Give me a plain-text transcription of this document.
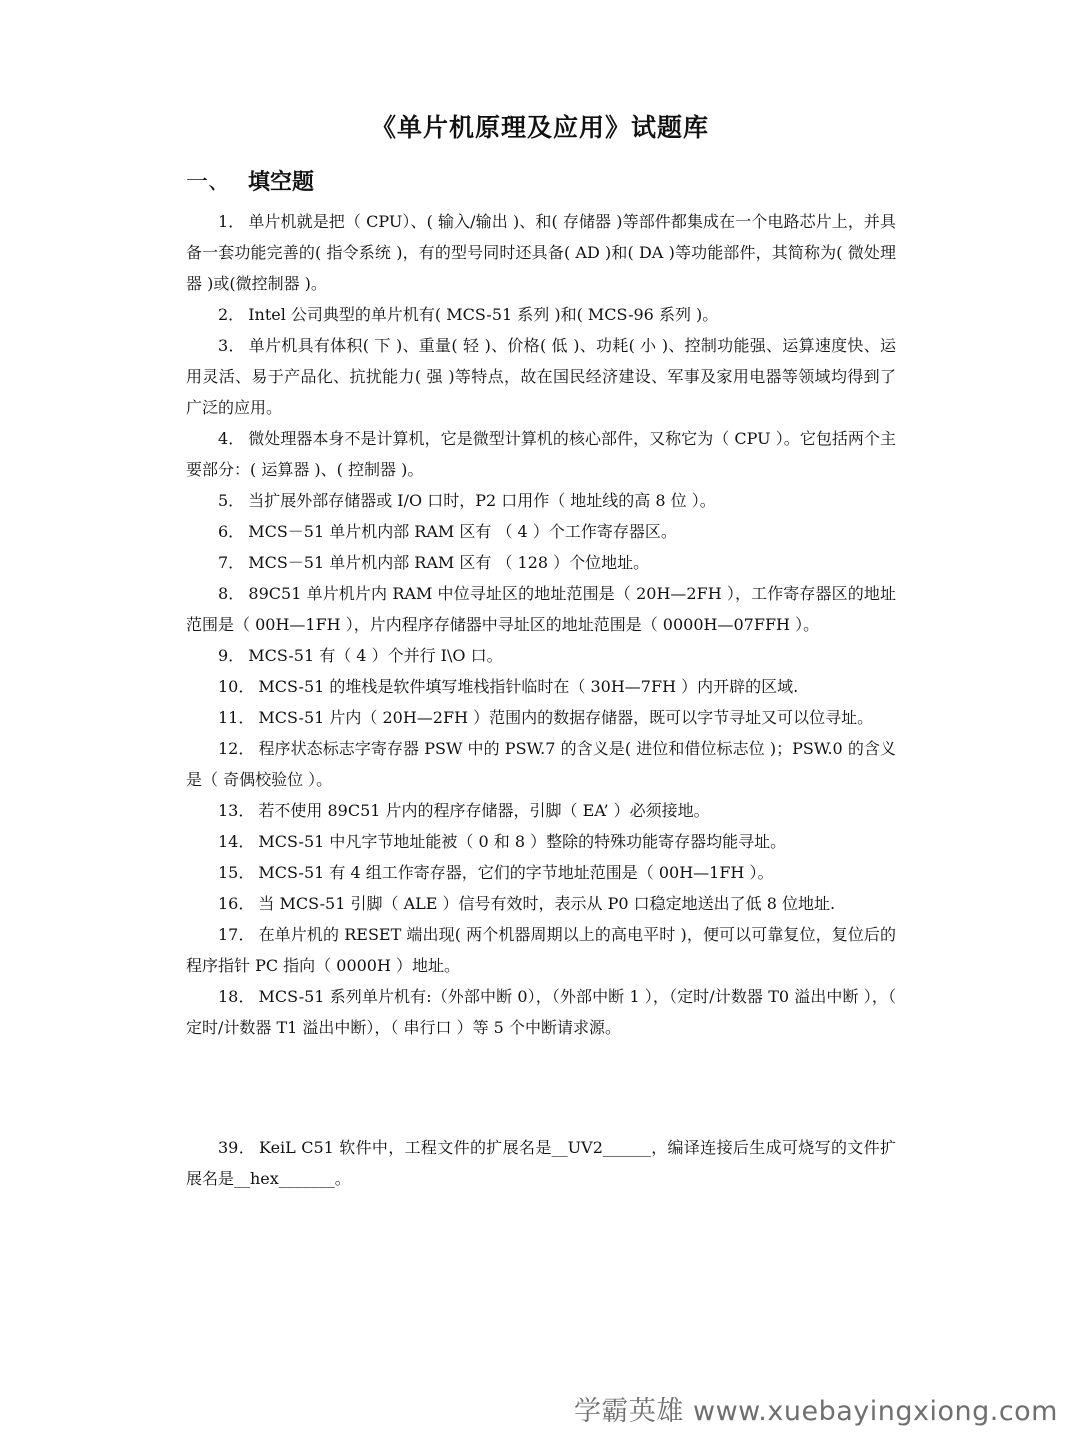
《单片机原理及应用》试题库
一、 填空题

1． 单片机就是把（ CPU）、( 输入/输出 )、和( 存储器 )等部件都集成在一个电路芯片上，并具备一套功能完善的( 指令系统 )，有的型号同时还具备( AD )和( DA )等功能部件，其简称为( 微处理器 )或(微控制器 )。

2． Intel 公司典型的单片机有( MCS-51 系列 )和( MCS-96 系列 )。

3． 单片机具有体积( 下 )、重量( 轻 )、价格( 低 )、功耗( 小 )、控制功能强、运算速度快、运用灵活、易于产品化、抗扰能力( 强 )等特点，故在国民经济建设、军事及家用电器等领域均得到了广泛的应用。

4． 微处理器本身不是计算机，它是微型计算机的核心部件，又称它为（ CPU ）。它包括两个主要部分：( 运算器 )、( 控制器 )。

5． 当扩展外部存储器或 I/O 口时，P2 口用作（ 地址线的高 8 位 ）。

6． MCS－51 单片机内部 RAM 区有 （ 4 ）个工作寄存器区。

7． MCS－51 单片机内部 RAM 区有 （ 128 ）个位地址。

8． 89C51 单片机片内 RAM 中位寻址区的地址范围是（ 20H—2FH ），工作寄存器区的地址范围是（ 00H—1FH ），片内程序存储器中寻址区的地址范围是（ 0000H—07FFH ）。

9． MCS-51 有（ 4 ）个并行 I\O 口。

10． MCS-51 的堆栈是软件填写堆栈指针临时在（ 30H—7FH ）内开辟的区域.

11． MCS-51 片内（ 20H—2FH ）范围内的数据存储器，既可以字节寻址又可以位寻址。

12． 程序状态标志字寄存器 PSW 中的 PSW.7 的含义是( 进位和借位标志位 )；PSW.0 的含义是（ 奇偶校验位 ）。

13． 若不使用 89C51 片内的程序存储器，引脚（ EA’ ）必须接地。

14． MCS-51 中凡字节地址能被（ 0 和 8 ）整除的特殊功能寄存器均能寻址。

15． MCS-51 有 4 组工作寄存器，它们的字节地址范围是（ 00H—1FH ）。

16． 当 MCS-51 引脚（ ALE ）信号有效时，表示从 P0 口稳定地送出了低 8 位地址.

17． 在单片机的 RESET 端出现( 两个机器周期以上的高电平时 )，便可以可靠复位，复位后的程序指针 PC 指向（ 0000H ）地址。

18． MCS-51 系列单片机有:（外部中断 0），（外部中断 1 ），（定时/计数器 T0 溢出中断 ），（ 定时/计数器 T1 溢出中断），（ 串行口 ）等 5 个中断请求源。

39． KeiL C51 软件中，工程文件的扩展名是__UV2______，编译连接后生成可烧写的文件扩展名是__hex_______。

学霸英雄 www.xuebayingxiong.com
